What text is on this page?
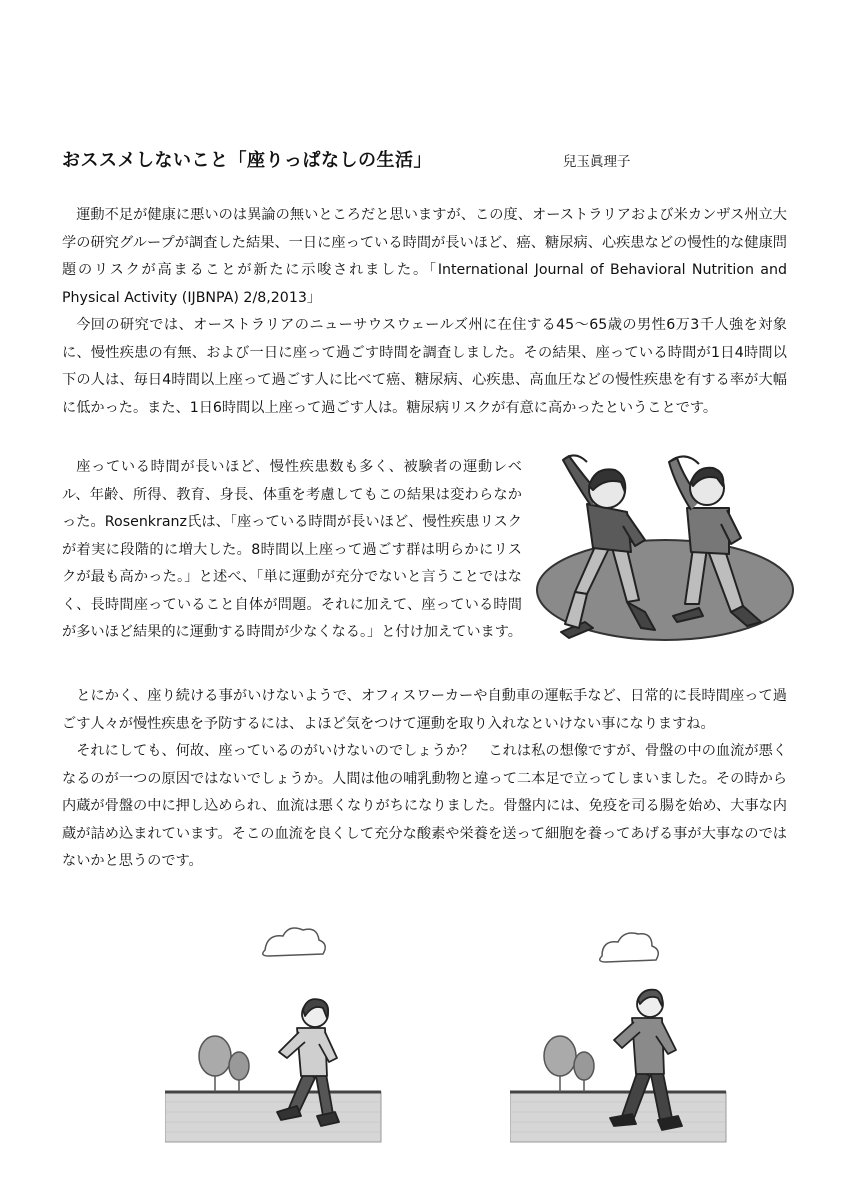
おススメしないこと「座りっぱなしの生活」	兒玉眞理子

運動不足が健康に悪いのは異論の無いところだと思いますが、この度、オーストラリアおよび米カンザス州立大学の研究グループが調査した結果、一日に座っている時間が長いほど、癌、糖尿病、心疾患などの慢性的な健康問題のリスクが高まることが新たに示唆されました。「International Journal of Behavioral Nutrition and Physical Activity (IJBNPA) 2/8,2013」

今回の研究では、オーストラリアのニューサウスウェールズ州に在住する45〜65歳の男性6万3千人強を対象に、慢性疾患の有無、および一日に座って過ごす時間を調査しました。その結果、座っている時間が1日4時間以下の人は、毎日4時間以上座って過ごす人に比べて癌、糖尿病、心疾患、高血圧などの慢性疾患を有する率が大幅に低かった。また、1日6時間以上座って過ごす人は。糖尿病リスクが有意に高かったということです。

座っている時間が長いほど、慢性疾患数も多く、被験者の運動レベル、年齢、所得、教育、身長、体重を考慮してもこの結果は変わらなかった。Rosenkranz氏は、「座っている時間が長いほど、慢性疾患リスクが着実に段階的に増大した。8時間以上座って過ごす群は明らかにリスクが最も高かった。」と述べ、「単に運動が充分でないと言うことではなく、長時間座っていること自体が問題。それに加えて、座っている時間が多いほど結果的に運動する時間が少なくなる。」と付け加えています。

とにかく、座り続ける事がいけないようで、オフィスワーカーや自動車の運転手など、日常的に長時間座って過ごす人々が慢性疾患を予防するには、よほど気をつけて運動を取り入れなといけない事になりますね。

それにしても、何故、座っているのがいけないのでしょうか？　これは私の想像ですが、骨盤の中の血流が悪くなるのが一つの原因ではないでしょうか。人間は他の哺乳動物と違って二本足で立ってしまいました。その時から内蔵が骨盤の中に押し込められ、血流は悪くなりがちになりました。骨盤内には、免疫を司る腸を始め、大事な内蔵が詰め込まれています。そこの血流を良くして充分な酸素や栄養を送って細胞を養ってあげる事が大事なのではないかと思うのです。
